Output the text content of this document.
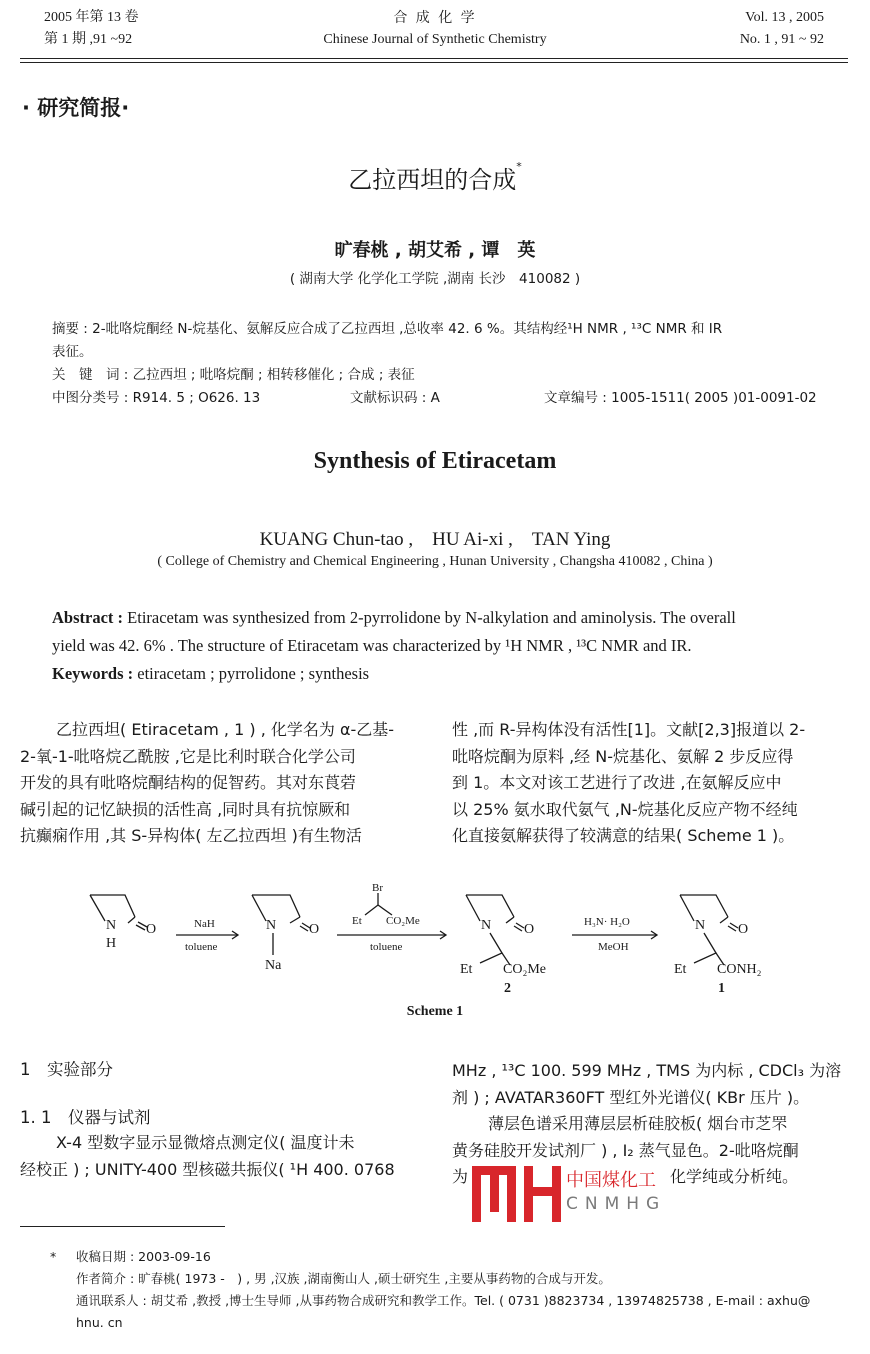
2005 年第 13 卷
第 1 期 ,91 ~92
合 成 化 学
Chinese Journal of Synthetic Chemistry
Vol. 13 , 2005
No. 1 , 91 ~ 92
· 研究简报·
乙拉西坦的合成*
旷春桃 , 胡艾希 , 谭　英
( 湖南大学 化学化工学院 ,湖南 长沙　410082 )
摘要 : 2-吡咯烷酮经 N-烷基化、氨解反应合成了乙拉西坦 ,总收率 42. 6 %。其结构经¹H NMR , ¹³C NMR 和 IR
表征。
关　键　词 : 乙拉西坦 ; 吡咯烷酮 ; 相转移催化 ; 合成 ; 表征
中图分类号 : R914. 5 ; O626. 13	文献标识码 : A	文章编号 : 1005-1511( 2005 )01-0091-02
Synthesis of Etiracetam
KUANG Chun-tao ,　HU Ai-xi ,　TAN Ying
( College of Chemistry and Chemical Engineering , Hunan University , Changsha 410082 , China )
Abstract : Etiracetam was synthesized from 2-pyrrolidone by N-alkylation and aminolysis. The overall
yield was 42. 6% . The structure of Etiracetam was characterized by ¹H NMR , ¹³C NMR and IR.
Keywords : etiracetam ; pyrrolidone ; synthesis
乙拉西坦( Etiracetam , 1 ) , 化学名为 α-乙基-
2-氧-1-吡咯烷乙酰胺 ,它是比利时联合化学公司
开发的具有吡咯烷酮结构的促智药。其对东莨菪
碱引起的记忆缺损的活性高 ,同时具有抗惊厥和
抗癫痫作用 ,其 S-异构体( 左乙拉西坦 )有生物活
性 ,而 R-异构体没有活性[1]。文献[2,3]报道以 2-
吡咯烷酮为原料 ,经 N-烷基化、氨解 2 步反应得
到 1。本文对该工艺进行了改进 ,在氨解反应中
以 25% 氨水取代氨气 ,N-烷基化反应产物不经纯
化直接氨解获得了较满意的结果( Scheme 1 )。
N O
H
NaH
toluene
N O
Na
Br
Et CO₂Me
toluene
N O
Et CO₂Me
2
H₃N· H₂O
MeOH
N O
Et CONH₂
1
Scheme 1
1　实验部分
1. 1　仪器与试剂
X-4 型数字显示显微熔点测定仪( 温度计未
经校正 ) ; UNITY-400 型核磁共振仪( ¹H 400. 0768
MHz , ¹³C 100. 599 MHz , TMS 为内标 , CDCl₃ 为溶
剂 ) ; AVATAR360FT 型红外光谱仪( KBr 压片 )。
薄层色谱采用薄层层析硅胶板( 烟台市芝罘
黄务硅胶开发试剂厂 ) , I₂ 蒸气显色。2-吡咯烷酮
为	化学纯或分析纯。
中国煤化工
CNMHG
* 收稿日期 : 2003-09-16
作者简介 : 旷春桃( 1973 -　) , 男 ,汉族 ,湖南衡山人 ,硕士研究生 ,主要从事药物的合成与开发。
通讯联系人 : 胡艾希 ,教授 ,博士生导师 ,从事药物合成研究和教学工作。Tel. ( 0731 )8823734 , 13974825738 , E-mail : axhu@
hnu. cn
